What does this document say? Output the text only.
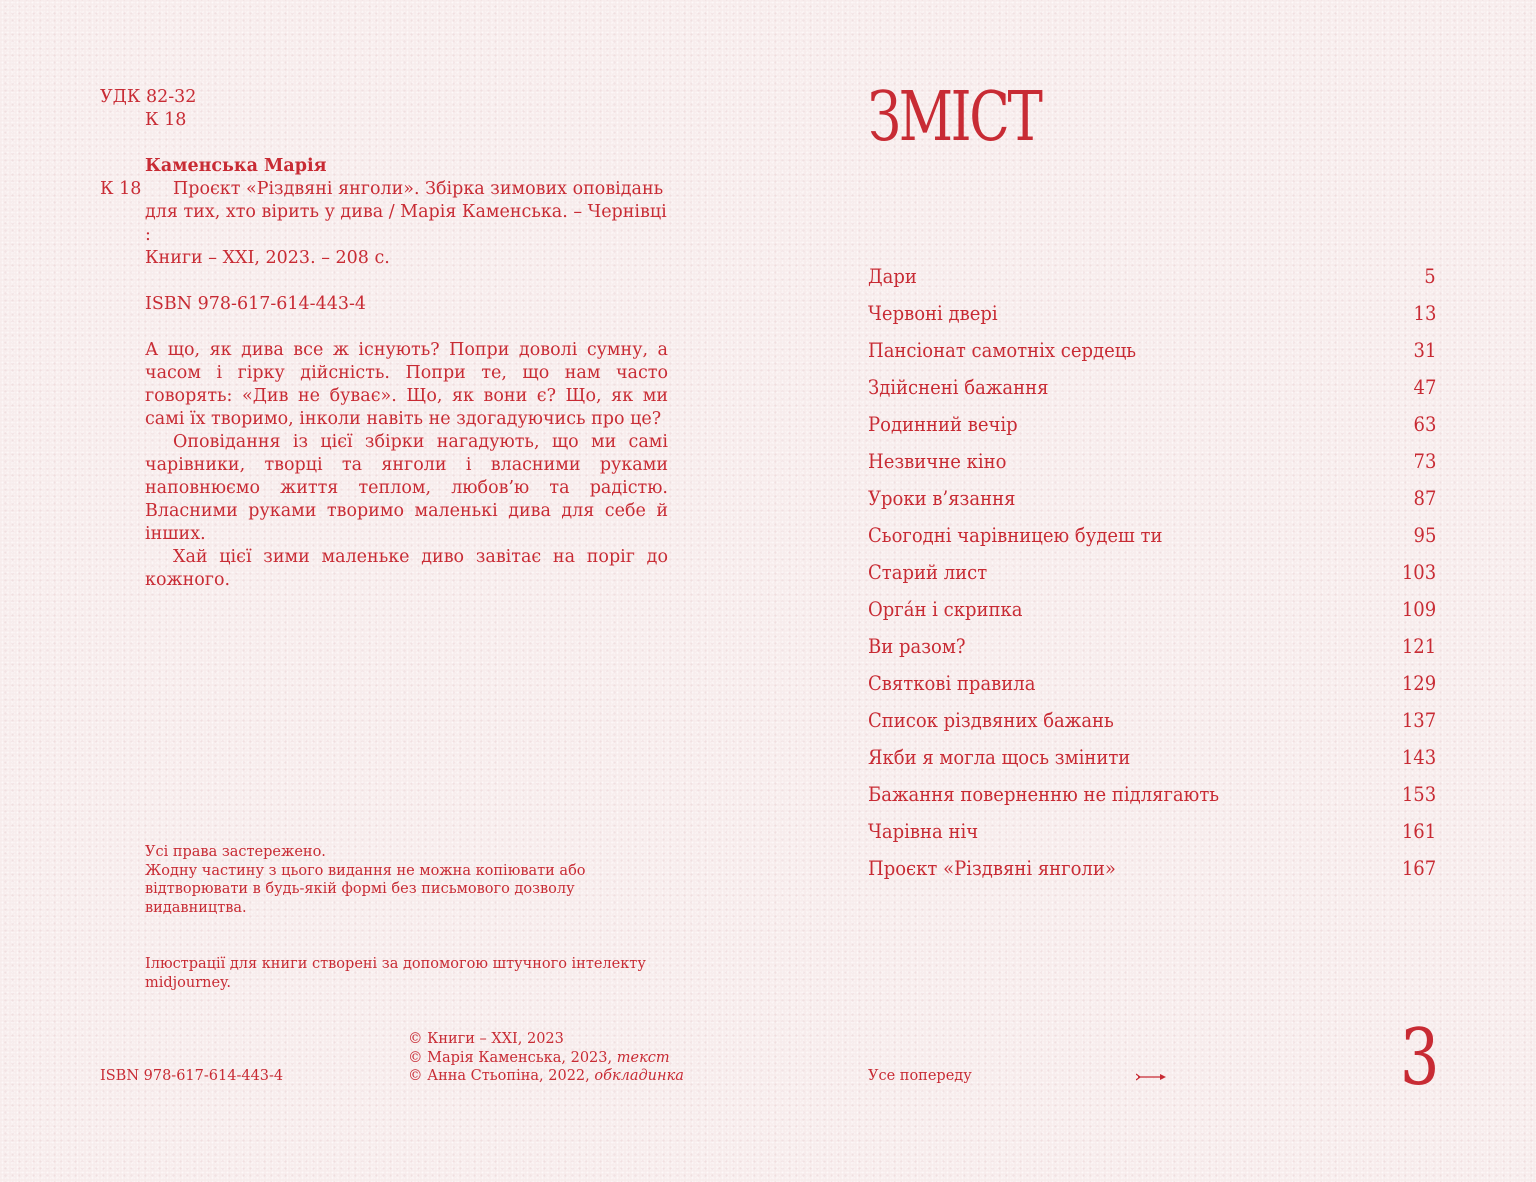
УДК 82-32
К 18
Каменська Марія
К 18	Проєкт «Різдвяні янголи». Збірка зимових оповідань

для тих, хто вірить у дива / Марія Каменська. – Чернівці :

Книги – ХХІ, 2023. – 208 с.

ISBN 978-617-614-443-4

А що, як дива все ж існують? Попри доволі сумну, а часом і гірку дійсність. Попри те, що нам часто говорять: «Див не буває». Що, як вони є? Що, як ми самі їх творимо, інколи навіть не здогадуючись про це?

Оповідання із цієї збірки нагадують, що ми самі чарівники, творці та янголи і власними руками наповнюємо життя теплом, любов’ю та радістю. Власними руками творимо маленькі дива для себе й інших.

Хай цієї зими маленьке диво завітає на поріг до кожного.

Усі права застережено.

Жодну частину з цього видання не можна копіювати або відтворювати в будь-якій формі без письмового дозволу видавництва.

Ілюстрації для книги створені за допомогою штучного інтелекту midjourney.

ISBN 978-617-614-443-4

© Книги – ХХІ, 2023

© Марія Каменська, 2023, текст

© Анна Стьопіна, 2022, обкладинка

ЗМІСТ
Дари	5
Червоні двері	13
Пансіонат самотніх сердець	31
Здійснені бажання	47
Родинний вечір	63
Незвичне кіно	73
Уроки в’язання	87
Сьогодні чарівницею будеш ти	95
Старий лист	103
Орга́н і скрипка	109
Ви разом?	121
Святкові правила	129
Список різдвяних бажань	137
Якби я могла щось змінити	143
Бажання поверненню не підлягають	153
Чарівна ніч	161
Проєкт «Різдвяні янголи»	167
Усе попереду	3
